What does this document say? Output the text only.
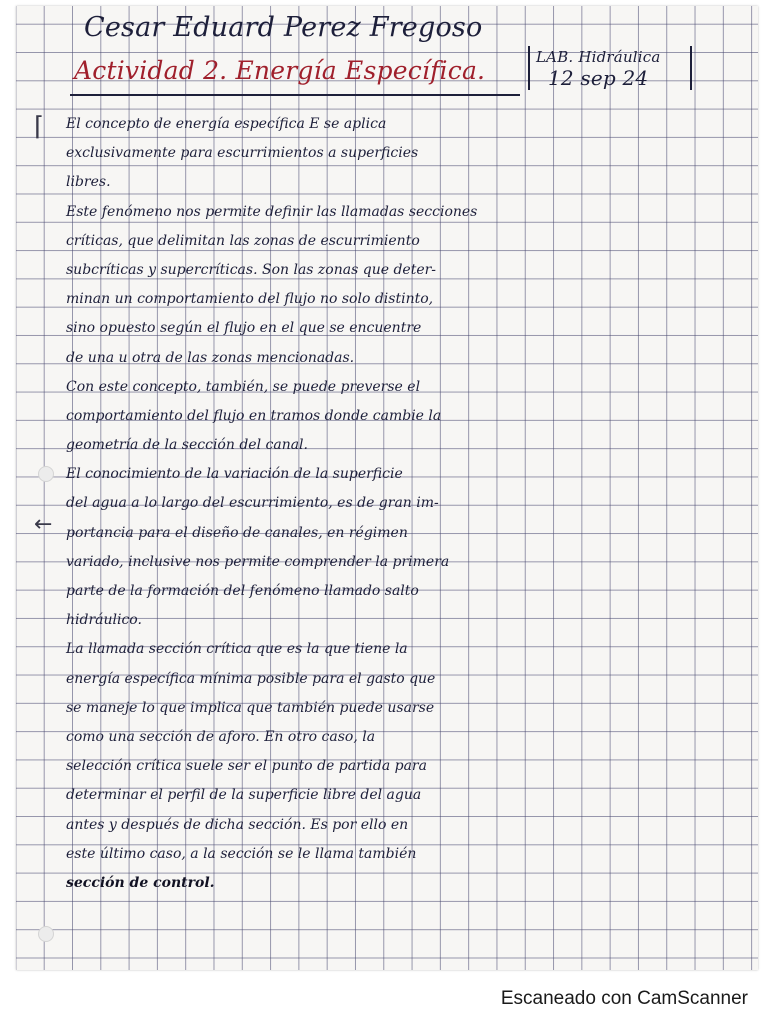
Cesar Eduard Perez Fregoso
LAB. Hidráulica
12 sep 24
Actividad 2. Energía Específica.
⌈
←
El concepto de energía específica E se aplica
exclusivamente para escurrimientos a superficies
libres.
Este fenómeno nos permite definir las llamadas secciones
críticas, que delimitan las zonas de escurrimiento
subcríticas y supercríticas. Son las zonas que deter-
minan un comportamiento del flujo no solo distinto,
sino opuesto según el flujo en el que se encuentre
de una u otra de las zonas mencionadas.
Con este concepto, también, se puede preverse el
comportamiento del flujo en tramos donde cambie la
geometría de la sección del canal.
El conocimiento de la variación de la superficie
del agua a lo largo del escurrimiento, es de gran im-
portancia para el diseño de canales, en régimen
variado, inclusive nos permite comprender la primera
parte de la formación del fenómeno llamado salto
hidráulico.
La llamada sección crítica que es la que tiene la
energía específica mínima posible para el gasto que
se maneje lo que implica que también puede usarse
como una sección de aforo. En otro caso, la
selección crítica suele ser el punto de partida para
determinar el perfil de la superficie libre del agua
antes y después de dicha sección. Es por ello en
este último caso, a la sección se le llama también
sección de control.
Escaneado con CamScanner
